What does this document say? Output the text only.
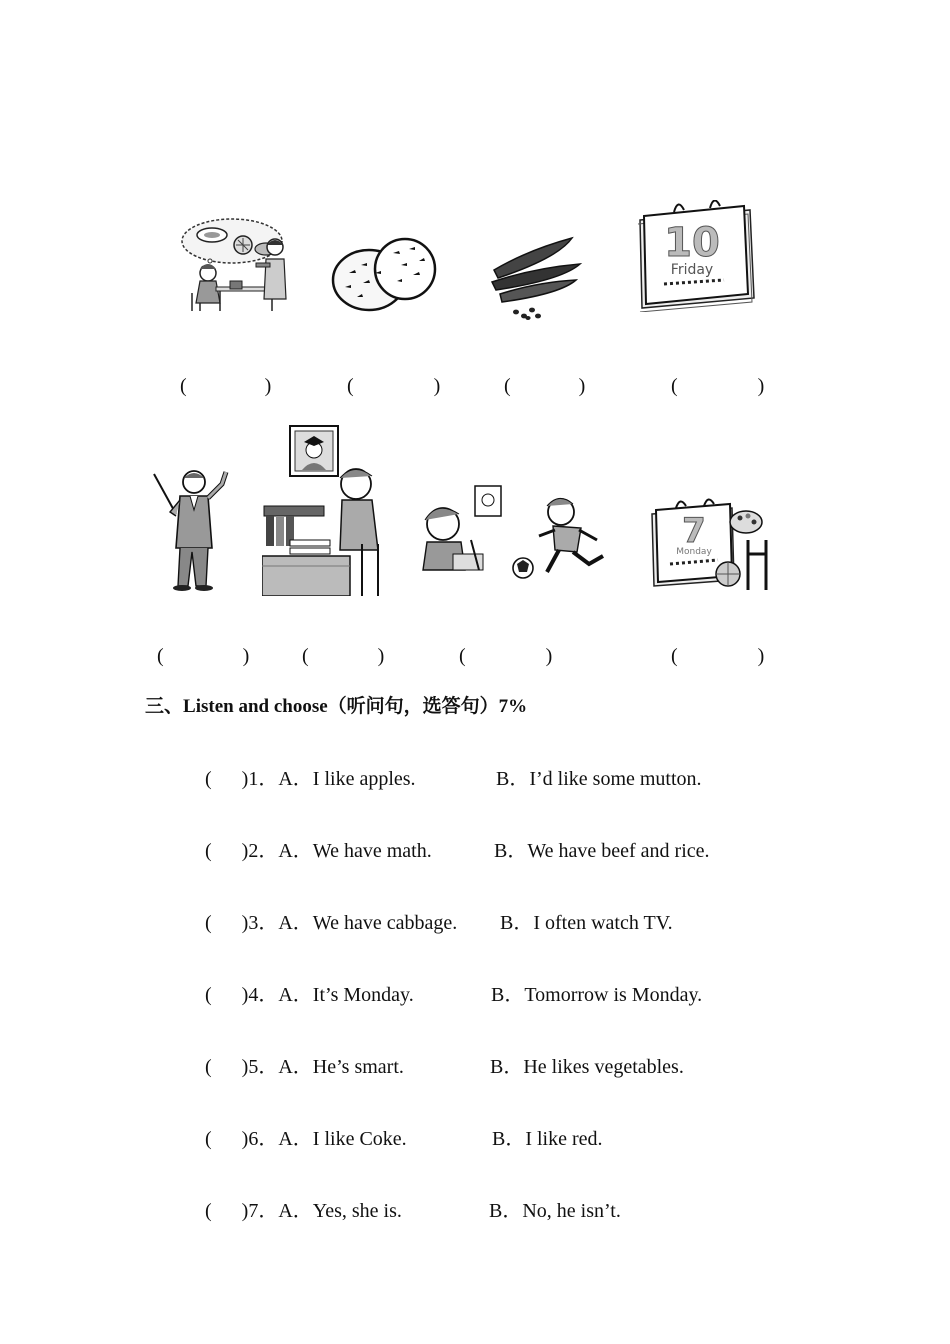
10
Friday

(	)	(	)	(	)	(	)

7
Monday

(	)	(	)	(	)	(	)

三、Listen and choose（听问句，选答句）7%
( )1．A．I like apples.	B．I’d like some mutton.
( )2．A．We have math.	B．We have beef and rice.
( )3．A．We have cabbage. B．I often watch TV.
( )4．A．It’s Monday.	B．Tomorrow is Monday.
( )5．A．He’s smart.	B．He likes vegetables.
( )6．A．I like Coke.	B．I like red.
( )7．A．Yes, she is.	B．No, he isn’t.
